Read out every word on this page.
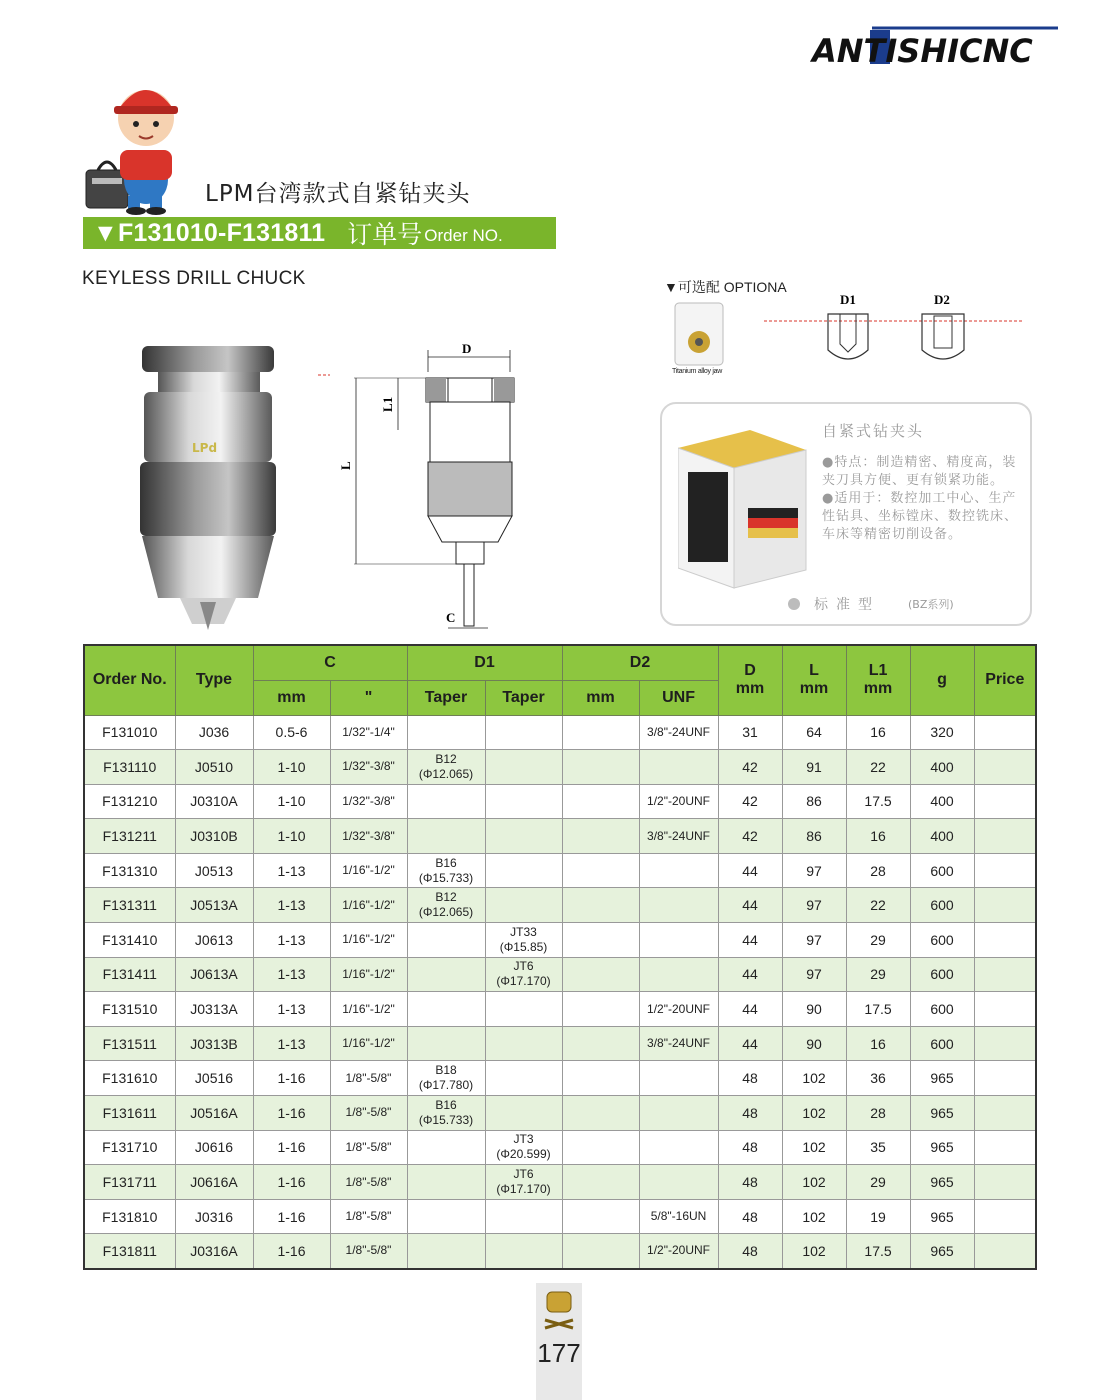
ANTISHICNC
LPM台湾款式自紧钻夹头
▼F131010-F131811 订单号 Order NO.
KEYLESS DRILL CHUCK
LPd
D
L
L1
C
▼可选配 OPTIONA
Titanium alloy jaw
D1	D2
自紧式钻夹头
●特点：制造精密、精度高，装夹刀具方便、更有锁紧功能。
●适用于：数控加工中心、生产性钻具、坐标镗床、数控铣床、车床等精密切削设备。
标准型	(BZ系列)
Order No.	Type	C		D1		D2		D
mm	L
mm	L1
mm	g	Price
		mm	"	Taper	Taper	mm	UNF					
F131010	J036	0.5-6	1/32"-1/4"				3/8"-24UNF	31	64	16	320	
F131110	J0510	1-10	1/32"-3/8"	B12
(Φ12.065)				42	91	22	400	
F131210	J0310A	1-10	1/32"-3/8"				1/2"-20UNF	42	86	17.5	400	
F131211	J0310B	1-10	1/32"-3/8"				3/8"-24UNF	42	86	16	400	
F131310	J0513	1-13	1/16"-1/2"	B16
(Φ15.733)				44	97	28	600	
F131311	J0513A	1-13	1/16"-1/2"	B12
(Φ12.065)				44	97	22	600	
F131410	J0613	1-13	1/16"-1/2"		JT33
(Φ15.85)			44	97	29	600	
F131411	J0613A	1-13	1/16"-1/2"		JT6
(Φ17.170)			44	97	29	600	
F131510	J0313A	1-13	1/16"-1/2"				1/2"-20UNF	44	90	17.5	600	
F131511	J0313B	1-13	1/16"-1/2"				3/8"-24UNF	44	90	16	600	
F131610	J0516	1-16	1/8"-5/8"	B18
(Φ17.780)				48	102	36	965	
F131611	J0516A	1-16	1/8"-5/8"	B16
(Φ15.733)				48	102	28	965	
F131710	J0616	1-16	1/8"-5/8"		JT3
(Φ20.599)			48	102	35	965	
F131711	J0616A	1-16	1/8"-5/8"		JT6
(Φ17.170)			48	102	29	965	
F131810	J0316	1-16	1/8"-5/8"				5/8"-16UN	48	102	19	965	
F131811	J0316A	1-16	1/8"-5/8"				1/2"-20UNF	48	102	17.5	965	
177
